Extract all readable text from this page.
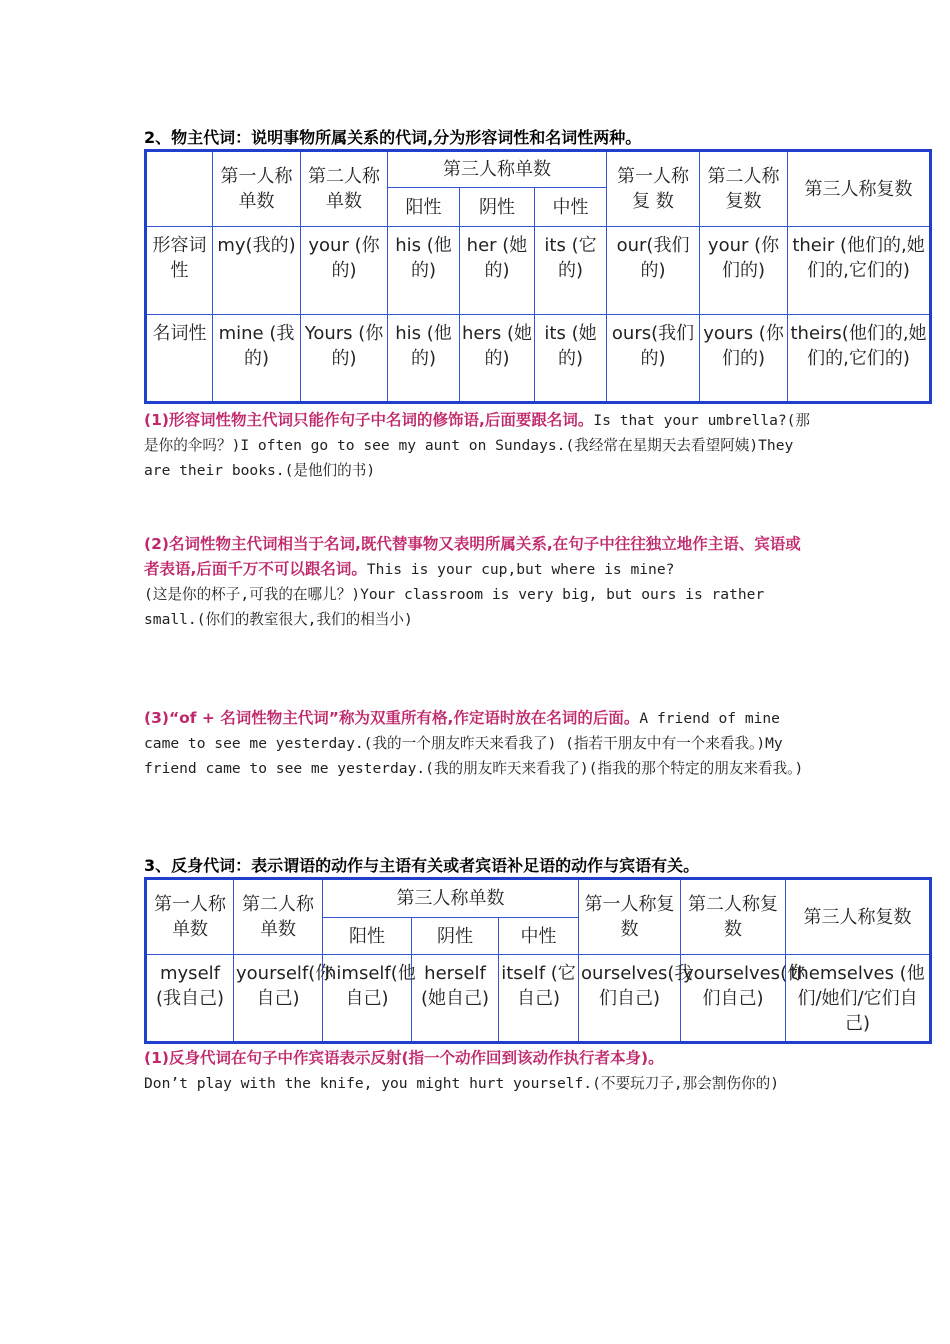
2、物主代词：说明事物所属关系的代词,分为形容词性和名词性两种。
	第一人称单数	第二人称单数	第三人称单数			第一人称复 数	第二人称复数	第三人称复数
			阳性	阴性	中性			
形容词性	my(我的)	your (你的)	his (他的)	her (她的)	its (它的)	our(我们的)	your (你们的)	their (他们的,她们的,它们的)
名词性	mine (我的)	Yours (你的)	his (他的)	hers (她的)	its (她的)	ours(我们的)	yours (你们的)	theirs(他们的,她们的,它们的)
(1)形容词性物主代词只能作句子中名词的修饰语,后面要跟名词。Is that your umbrella?(那是你的伞吗？)I often go to see my aunt on Sundays.(我经常在星期天去看望阿姨)They are their books.(是他们的书)
(2)名词性物主代词相当于名词,既代替事物又表明所属关系,在句子中往往独立地作主语、宾语或者表语,后面千万不可以跟名词。This is your cup,but where is mine?
(这是你的杯子,可我的在哪儿？)Your classroom is very big, but ours is rather small.(你们的教室很大,我们的相当小)
(3)“of + 名词性物主代词”称为双重所有格,作定语时放在名词的后面。A friend of mine came to see me yesterday.(我的一个朋友昨天来看我了) (指若干朋友中有一个来看我。)My friend came to see me yesterday.(我的朋友昨天来看我了)(指我的那个特定的朋友来看我。)
3、反身代词：表示谓语的动作与主语有关或者宾语补足语的动作与宾语有关。
第一人称单数	第二人称单数	第三人称单数			第一人称复数	第二人称复数	第三人称复数
		阳性	阴性	中性			
myself (我自己)	yourself(你自己)	himself(他自己)	herself (她自己)	itself (它自己)	ourselves(我们自己)	yourselves(你们自己)	themselves (他们/她们/它们自己)
(1)反身代词在句子中作宾语表示反射(指一个动作回到该动作执行者本身)。
Don’t play with the knife, you might hurt yourself.(不要玩刀子,那会割伤你的)
